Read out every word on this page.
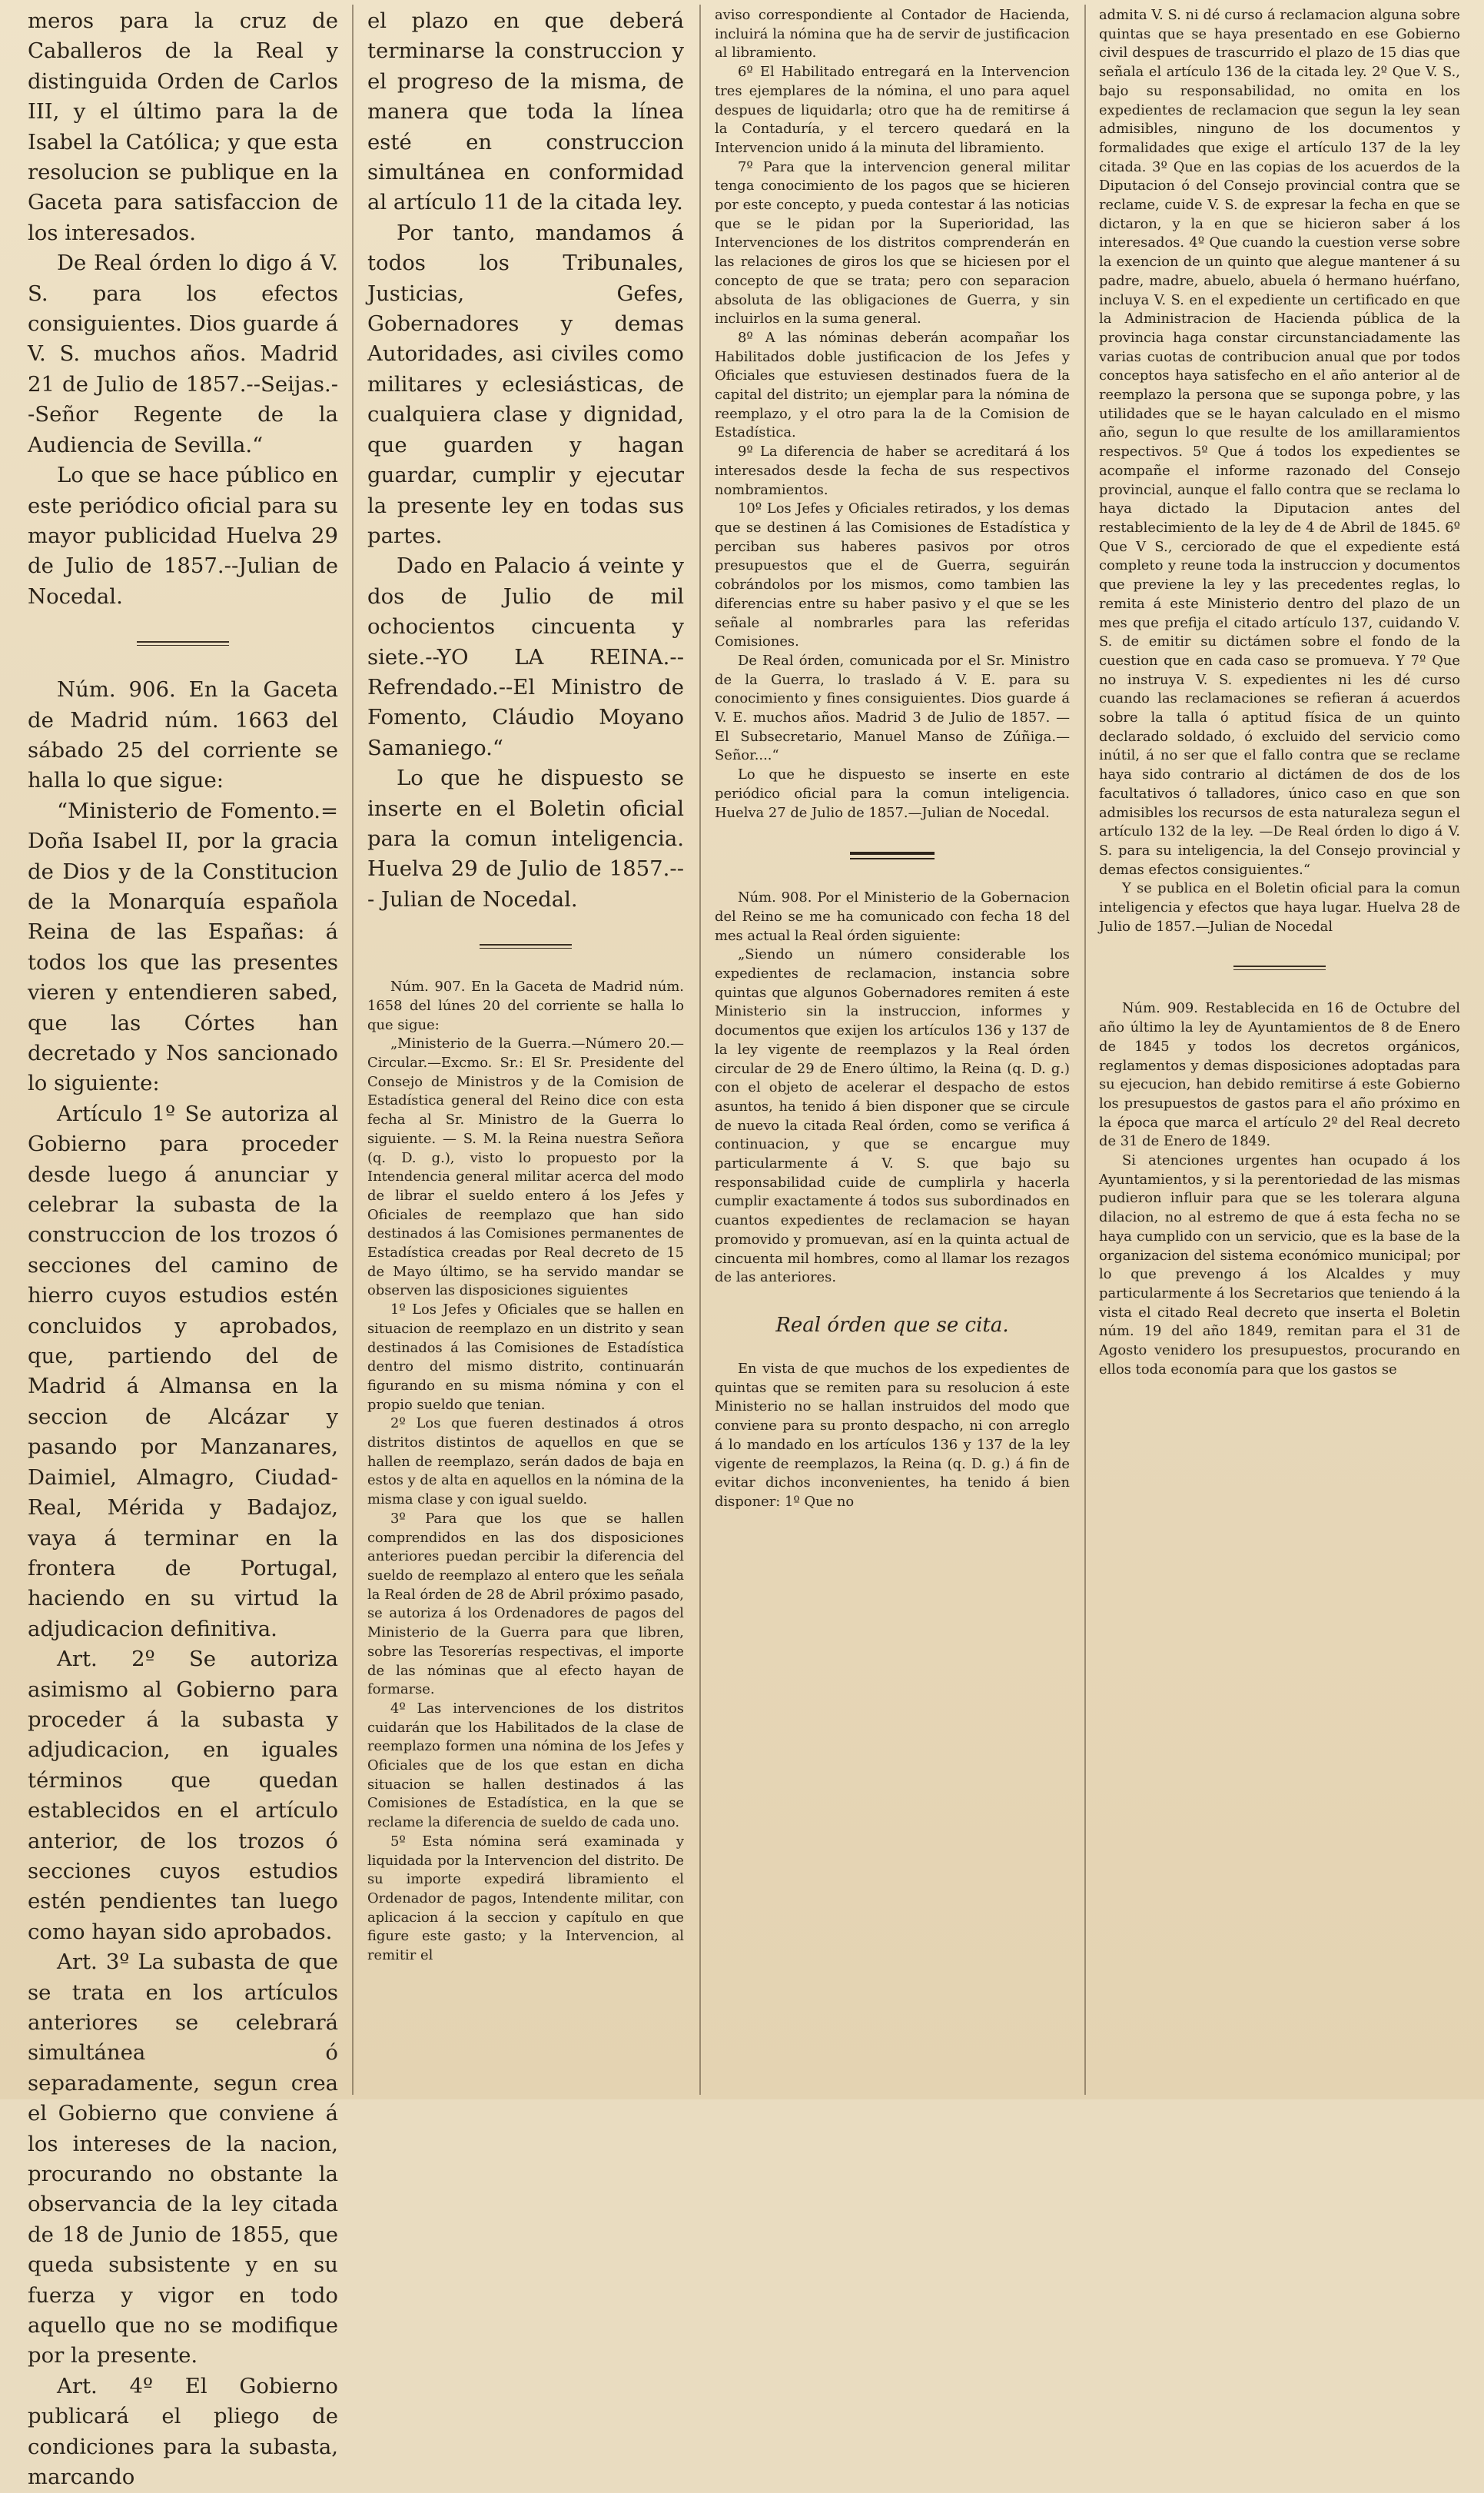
meros para la cruz de Caballeros de la Real y distinguida Orden de Carlos III, y el último para la de Isabel la Católica; y que esta resolucion se publique en la Gaceta para satisfaccion de los interesados.

De Real órden lo digo á V. S. para los efectos consiguientes. Dios guarde á V. S. muchos años. Madrid 21 de Julio de 1857.--Seijas.--Señor Regente de la Audiencia de Sevilla.“

Lo que se hace público en este periódico oficial para su mayor publicidad Huelva 29 de Julio de 1857.--Julian de Nocedal.

Núm. 906. En la Gaceta de Madrid núm. 1663 del sábado 25 del corriente se halla lo que sigue:

“Ministerio de Fomento.= Doña Isabel II, por la gracia de Dios y de la Constitucion de la Monarquía española Reina de las Españas: á todos los que las presentes vieren y entendieren sabed, que las Córtes han decretado y Nos sancionado lo siguiente:

Artículo 1º Se autoriza al Gobierno para proceder desde luego á anunciar y celebrar la subasta de la construccion de los trozos ó secciones del camino de hierro cuyos estudios estén concluidos y aprobados, que, partiendo del de Madrid á Almansa en la seccion de Alcázar y pasando por Manzanares, Daimiel, Almagro, Ciudad-Real, Mérida y Badajoz, vaya á terminar en la frontera de Portugal, haciendo en su virtud la adjudicacion definitiva.

Art. 2º Se autoriza asimismo al Gobierno para proceder á la subasta y adjudicacion, en iguales términos que quedan establecidos en el artículo anterior, de los trozos ó secciones cuyos estudios estén pendientes tan luego como hayan sido aprobados.

Art. 3º La subasta de que se trata en los artículos anteriores se celebrará simultánea ó separadamente, segun crea el Gobierno que conviene á los intereses de la nacion, procurando no obstante la observancia de la ley citada de 18 de Junio de 1855, que queda subsistente y en su fuerza y vigor en todo aquello que no se modifique por la presente.

Art. 4º El Gobierno publicará el pliego de condiciones para la subasta, marcando

el plazo en que deberá terminarse la construccion y el progreso de la misma, de manera que toda la línea esté en construccion simultánea en conformidad al artículo 11 de la citada ley.

Por tanto, mandamos á todos los Tribunales, Justicias, Gefes, Gobernadores y demas Autoridades, asi civiles como militares y eclesiásticas, de cualquiera clase y dignidad, que guarden y hagan guardar, cumplir y ejecutar la presente ley en todas sus partes.

Dado en Palacio á veinte y dos de Julio de mil ochocientos cincuenta y siete.--YO LA REINA.--Refrendado.--El Ministro de Fomento, Cláudio Moyano Samaniego.“

Lo que he dispuesto se inserte en el Boletin oficial para la comun inteligencia. Huelva 29 de Julio de 1857.--- Julian de Nocedal.

Núm. 907. En la Gaceta de Madrid núm. 1658 del lúnes 20 del corriente se halla lo que sigue:

„Ministerio de la Guerra.—Número 20.—Circular.—Excmo. Sr.: El Sr. Presidente del Consejo de Ministros y de la Comision de Estadística general del Reino dice con esta fecha al Sr. Ministro de la Guerra lo siguiente. — S. M. la Reina nuestra Señora (q. D. g.), visto lo propuesto por la Intendencia general militar acerca del modo de librar el sueldo entero á los Jefes y Oficiales de reemplazo que han sido destinados á las Comisiones permanentes de Estadística creadas por Real decreto de 15 de Mayo último, se ha servido mandar se observen las disposiciones siguientes

1º Los Jefes y Oficiales que se hallen en situacion de reemplazo en un distrito y sean destinados á las Comisiones de Estadística dentro del mismo distrito, continuarán figurando en su misma nómina y con el propio sueldo que tenian.

2º Los que fueren destinados á otros distritos distintos de aquellos en que se hallen de reemplazo, serán dados de baja en estos y de alta en aquellos en la nómina de la misma clase y con igual sueldo.

3º Para que los que se hallen comprendidos en las dos disposiciones anteriores puedan percibir la diferencia del sueldo de reemplazo al entero que les señala la Real órden de 28 de Abril próximo pasado, se autoriza á los Ordenadores de pagos del Ministerio de la Guerra para que libren, sobre las Tesorerías respectivas, el importe de las nóminas que al efecto hayan de formarse.

4º Las intervenciones de los distritos cuidarán que los Habilitados de la clase de reemplazo formen una nómina de los Jefes y Oficiales que de los que estan en dicha situacion se hallen destinados á las Comisiones de Estadística, en la que se reclame la diferencia de sueldo de cada uno.

5º Esta nómina será examinada y liquidada por la Intervencion del distrito. De su importe expedirá libramiento el Ordenador de pagos, Intendente militar, con aplicacion á la seccion y capítulo en que figure este gasto; y la Intervencion, al remitir el

aviso correspondiente al Contador de Hacienda, incluirá la nómina que ha de servir de justificacion al libramiento.

6º El Habilitado entregará en la Intervencion tres ejemplares de la nómina, el uno para aquel despues de liquidarla; otro que ha de remitirse á la Contaduría, y el tercero quedará en la Intervencion unido á la minuta del libramiento.

7º Para que la intervencion general militar tenga conocimiento de los pagos que se hicieren por este concepto, y pueda contestar á las noticias que se le pidan por la Superioridad, las Intervenciones de los distritos comprenderán en las relaciones de giros los que se hiciesen por el concepto de que se trata; pero con separacion absoluta de las obligaciones de Guerra, y sin incluirlos en la suma general.

8º A las nóminas deberán acompañar los Habilitados doble justificacion de los Jefes y Oficiales que estuviesen destinados fuera de la capital del distrito; un ejemplar para la nómina de reemplazo, y el otro para la de la Comision de Estadística.

9º La diferencia de haber se acreditará á los interesados desde la fecha de sus respectivos nombramientos.

10º Los Jefes y Oficiales retirados, y los demas que se destinen á las Comisiones de Estadística y perciban sus haberes pasivos por otros presupuestos que el de Guerra, seguirán cobrándolos por los mismos, como tambien las diferencias entre su haber pasivo y el que se les señale al nombrarles para las referidas Comisiones.

De Real órden, comunicada por el Sr. Ministro de la Guerra, lo traslado á V. E. para su conocimiento y fines consiguientes. Dios guarde á V. E. muchos años. Madrid 3 de Julio de 1857. — El Subsecretario, Manuel Manso de Zúñiga.—Señor....“

Lo que he dispuesto se inserte en este periódico oficial para la comun inteligencia. Huelva 27 de Julio de 1857.—Julian de Nocedal.

Núm. 908. Por el Ministerio de la Gobernacion del Reino se me ha comunicado con fecha 18 del mes actual la Real órden siguiente:

„Siendo un número considerable los expedientes de reclamacion, instancia sobre quintas que algunos Gobernadores remiten á este Ministerio sin la instruccion, informes y documentos que exijen los artículos 136 y 137 de la ley vigente de reemplazos y la Real órden circular de 29 de Enero último, la Reina (q. D. g.) con el objeto de acelerar el despacho de estos asuntos, ha tenido á bien disponer que se circule de nuevo la citada Real órden, como se verifica á continuacion, y que se encargue muy particularmente á V. S. que bajo su responsabilidad cuide de cumplirla y hacerla cumplir exactamente á todos sus subordinados en cuantos expedientes de reclamacion se hayan promovido y promuevan, así en la quinta actual de cincuenta mil hombres, como al llamar los rezagos de las anteriores.

Real órden que se cita.

En vista de que muchos de los expedientes de quintas que se remiten para su resolucion á este Ministerio no se hallan instruidos del modo que conviene para su pronto despacho, ni con arreglo á lo mandado en los artículos 136 y 137 de la ley vigente de reemplazos, la Reina (q. D. g.) á fin de evitar dichos inconvenientes, ha tenido á bien disponer: 1º Que no

admita V. S. ni dé curso á reclamacion alguna sobre quintas que se haya presentado en ese Gobierno civil despues de trascurrido el plazo de 15 dias que señala el artículo 136 de la citada ley. 2º Que V. S., bajo su responsabilidad, no omita en los expedientes de reclamacion que segun la ley sean admisibles, ninguno de los documentos y formalidades que exige el artículo 137 de la ley citada. 3º Que en las copias de los acuerdos de la Diputacion ó del Consejo provincial contra que se reclame, cuide V. S. de expresar la fecha en que se dictaron, y la en que se hicieron saber á los interesados. 4º Que cuando la cuestion verse sobre la exencion de un quinto que alegue mantener á su padre, madre, abuelo, abuela ó hermano huérfano, incluya V. S. en el expediente un certificado en que la Administracion de Hacienda pública de la provincia haga constar circunstanciadamente las varias cuotas de contribucion anual que por todos conceptos haya satisfecho en el año anterior al de reemplazo la persona que se suponga pobre, y las utilidades que se le hayan calculado en el mismo año, segun lo que resulte de los amillaramientos respectivos. 5º Que á todos los expedientes se acompañe el informe razonado del Consejo provincial, aunque el fallo contra que se reclama lo haya dictado la Diputacion antes del restablecimiento de la ley de 4 de Abril de 1845. 6º Que V S., cerciorado de que el expediente está completo y reune toda la instruccion y documentos que previene la ley y las precedentes reglas, lo remita á este Ministerio dentro del plazo de un mes que prefija el citado artículo 137, cuidando V. S. de emitir su dictámen sobre el fondo de la cuestion que en cada caso se promueva. Y 7º Que no instruya V. S. expedientes ni les dé curso cuando las reclamaciones se refieran á acuerdos sobre la talla ó aptitud física de un quinto declarado soldado, ó excluido del servicio como inútil, á no ser que el fallo contra que se reclame haya sido contrario al dictámen de dos de los facultativos ó talladores, único caso en que son admisibles los recursos de esta naturaleza segun el artículo 132 de la ley. —De Real órden lo digo á V. S. para su inteligencia, la del Consejo provincial y demas efectos consiguientes.“

Y se publica en el Boletin oficial para la comun inteligencia y efectos que haya lugar. Huelva 28 de Julio de 1857.—Julian de Nocedal

Núm. 909. Restablecida en 16 de Octubre del año último la ley de Ayuntamientos de 8 de Enero de 1845 y todos los decretos orgánicos, reglamentos y demas disposiciones adoptadas para su ejecucion, han debido remitirse á este Gobierno los presupuestos de gastos para el año próximo en la época que marca el artículo 2º del Real decreto de 31 de Enero de 1849.

Si atenciones urgentes han ocupado á los Ayuntamientos, y si la perentoriedad de las mismas pudieron influir para que se les tolerara alguna dilacion, no al estremo de que á esta fecha no se haya cumplido con un servicio, que es la base de la organizacion del sistema económico municipal; por lo que prevengo á los Alcaldes y muy particularmente á los Secretarios que teniendo á la vista el citado Real decreto que inserta el Boletin núm. 19 del año 1849, remitan para el 31 de Agosto venidero los presupuestos, procurando en ellos toda economía para que los gastos se
